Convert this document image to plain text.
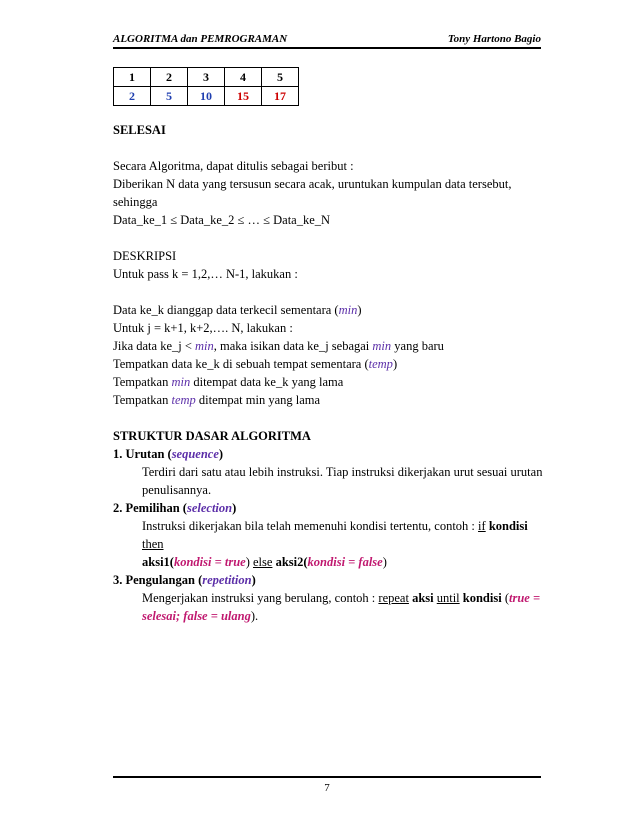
ALGORITMA dan PEMROGRAMAN	Tony Hartono Bagio
1	2	3	4	5
2	5	10	15	17
SELESAI
Secara Algoritma, dapat ditulis sebagai beribut :
Diberikan N data yang tersusun secara acak, uruntukan kumpulan data tersebut, sehingga
Data_ke_1 ≤ Data_ke_2 ≤ … ≤ Data_ke_N
DESKRIPSI
Untuk pass k = 1,2,… N-1, lakukan :
Data ke_k dianggap data terkecil sementara (min)
Untuk j = k+1, k+2,…. N, lakukan :
Jika data ke_j < min, maka isikan data ke_j sebagai min yang baru
Tempatkan data ke_k di sebuah tempat sementara (temp)
Tempatkan min ditempat data ke_k yang lama
Tempatkan temp ditempat min yang lama
STRUKTUR DASAR ALGORITMA
1. Urutan (sequence)
Terdiri dari satu atau lebih instruksi. Tiap instruksi dikerjakan urut sesuai urutan
penulisannya.
2. Pemilihan (selection)
Instruksi dikerjakan bila telah memenuhi kondisi tertentu, contoh : if kondisi then
aksi1(kondisi = true) else aksi2(kondisi = false)
3. Pengulangan (repetition)
Mengerjakan instruksi yang berulang, contoh : repeat aksi until kondisi (true =
selesai; false = ulang).
7
